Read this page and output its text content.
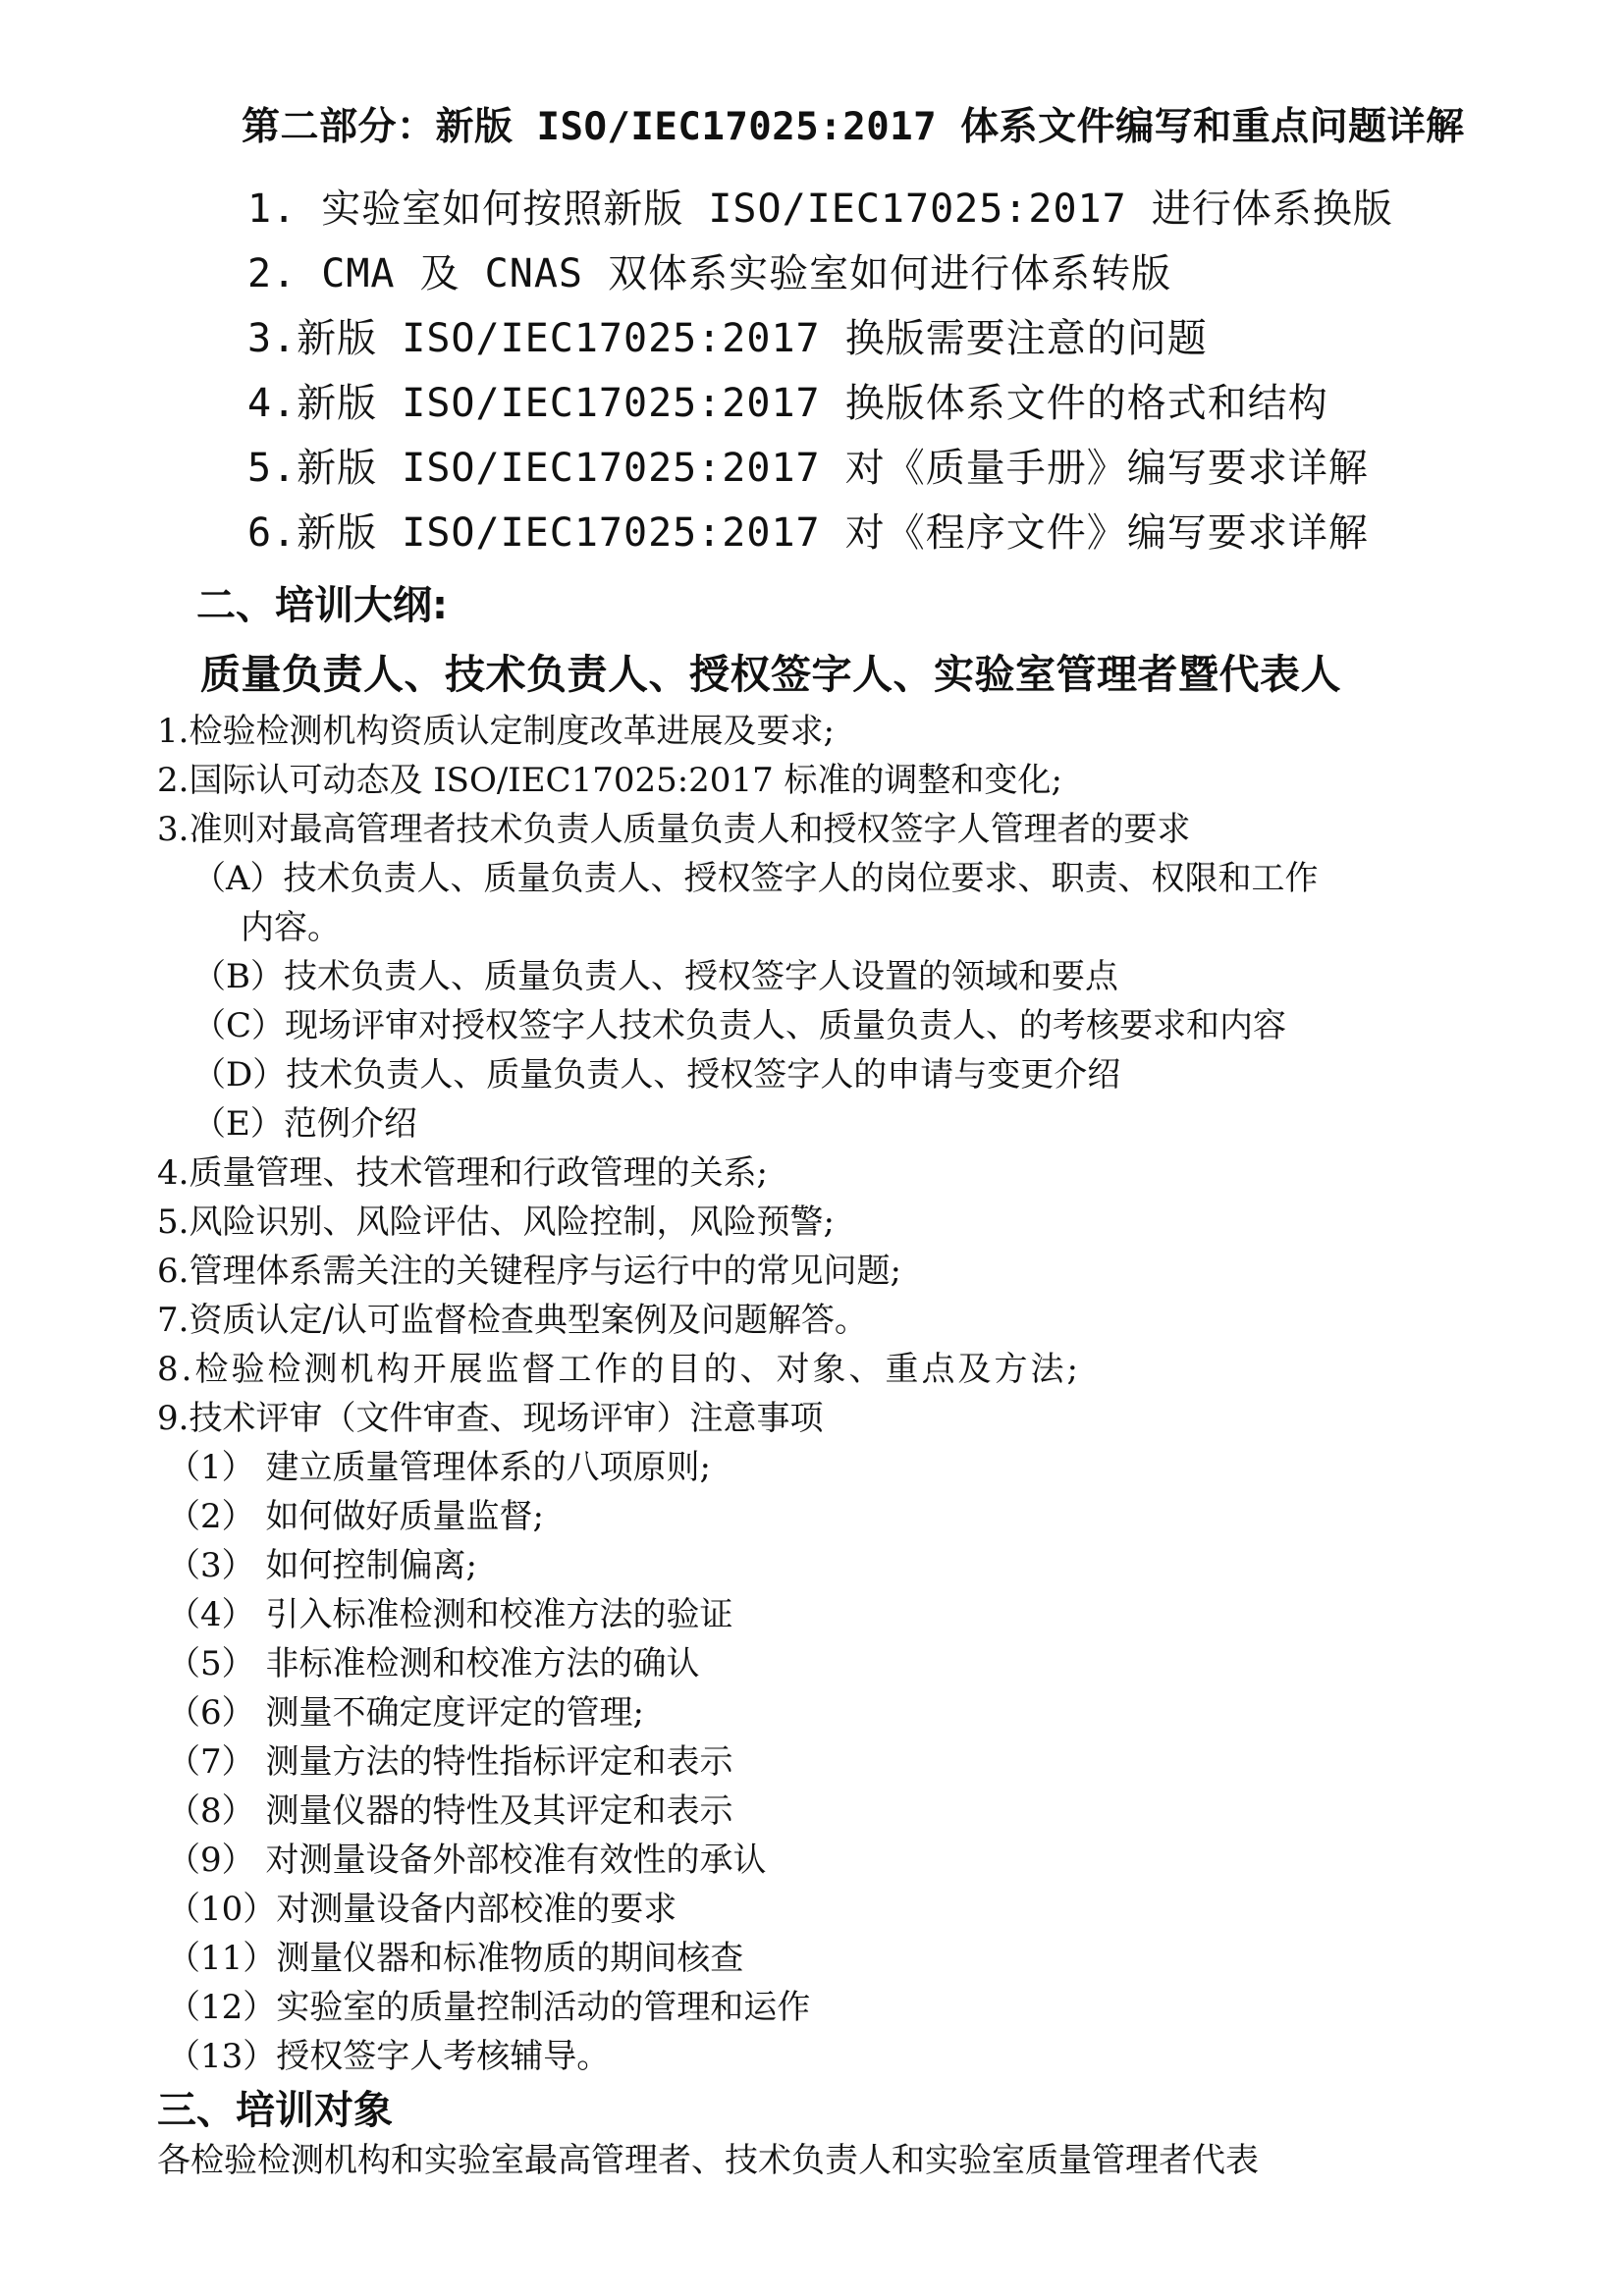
第二部分：新版 ISO/IEC17025:2017 体系文件编写和重点问题详解
1. 实验室如何按照新版 ISO/IEC17025:2017 进行体系换版
2. CMA 及 CNAS 双体系实验室如何进行体系转版
3.新版 ISO/IEC17025:2017 换版需要注意的问题
4.新版 ISO/IEC17025:2017 换版体系文件的格式和结构
5.新版 ISO/IEC17025:2017 对《质量手册》编写要求详解
6.新版 ISO/IEC17025:2017 对《程序文件》编写要求详解
二、培训大纲:
质量负责人、技术负责人、授权签字人、实验室管理者暨代表人
1.检验检测机构资质认定制度改革进展及要求;
2.国际认可动态及 ISO/IEC17025:2017 标准的调整和变化;
3.准则对最高管理者技术负责人质量负责人和授权签字人管理者的要求
（A）技术负责人、质量负责人、授权签字人的岗位要求、职责、权限和工作
内容。
（B）技术负责人、质量负责人、授权签字人设置的领域和要点
（C）现场评审对授权签字人技术负责人、质量负责人、的考核要求和内容
（D）技术负责人、质量负责人、授权签字人的申请与变更介绍
（E）范例介绍
4.质量管理、技术管理和行政管理的关系;
5.风险识别、风险评估、风险控制，风险预警;
6.管理体系需关注的关键程序与运行中的常见问题;
7.资质认定/认可监督检查典型案例及问题解答。
8.检验检测机构开展监督工作的目的、对象、重点及方法;
9.技术评审（文件审查、现场评审）注意事项
（1） 建立质量管理体系的八项原则;
（2） 如何做好质量监督;
（3） 如何控制偏离;
（4） 引入标准检测和校准方法的验证
（5） 非标准检测和校准方法的确认
（6） 测量不确定度评定的管理;
（7） 测量方法的特性指标评定和表示
（8） 测量仪器的特性及其评定和表示
（9） 对测量设备外部校准有效性的承认
（10）对测量设备内部校准的要求
（11）测量仪器和标准物质的期间核查
（12）实验室的质量控制活动的管理和运作
（13）授权签字人考核辅导。
三、培训对象
各检验检测机构和实验室最高管理者、技术负责人和实验室质量管理者代表
